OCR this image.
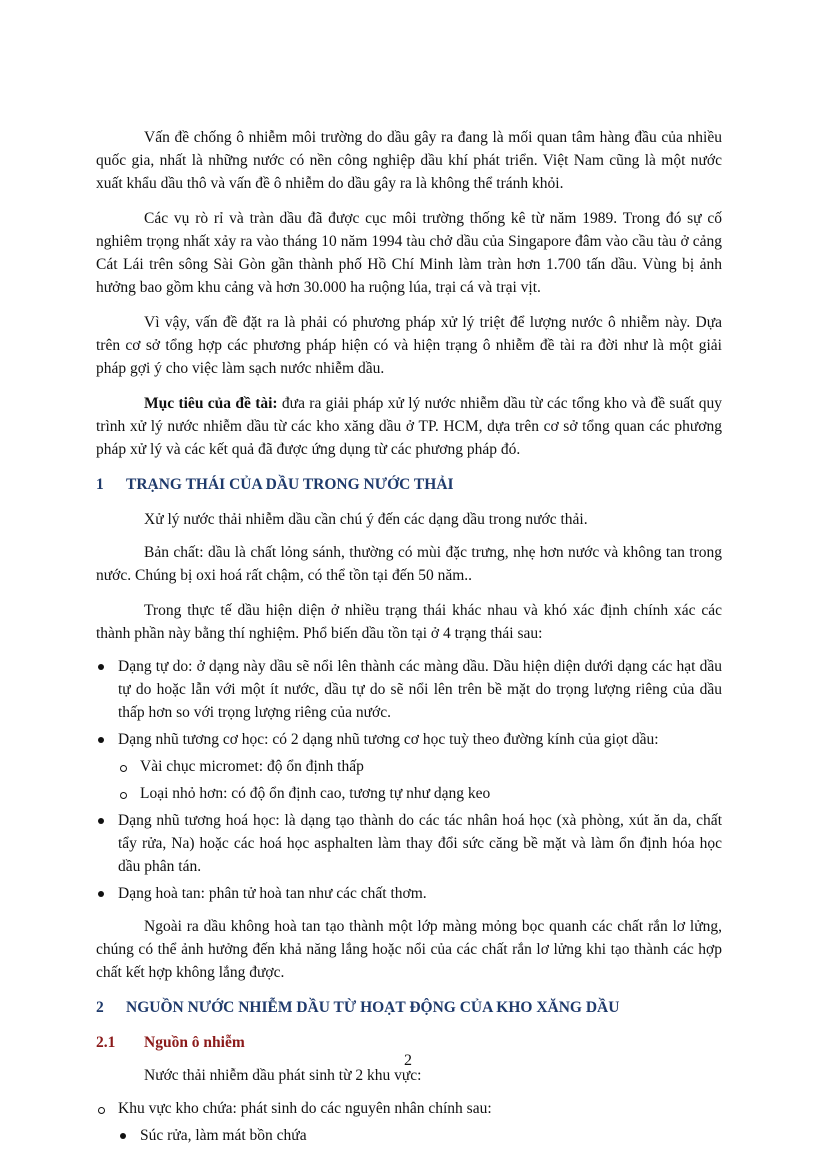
Vấn đề chống ô nhiễm môi trường do dầu gây ra đang là mối quan tâm hàng đầu của nhiều quốc gia, nhất là những nước có nền công nghiệp dầu khí phát triển. Việt Nam cũng là một nước xuất khẩu dầu thô và vấn đề ô nhiễm do dầu gây ra là không thể tránh khỏi.

Các vụ rò rỉ và tràn dầu đã được cục môi trường thống kê từ năm 1989. Trong đó sự cố nghiêm trọng nhất xảy ra vào tháng 10 năm 1994 tàu chở dầu của Singapore đâm vào cầu tàu ở cảng Cát Lái trên sông Sài Gòn gần thành phố Hồ Chí Minh làm tràn hơn 1.700 tấn dầu. Vùng bị ảnh hưởng bao gồm khu cảng và hơn 30.000 ha ruộng lúa, trại cá và trại vịt.

Vì vậy, vấn đề đặt ra là phải có phương pháp xử lý triệt để lượng nước ô nhiễm này. Dựa trên cơ sở tổng hợp các phương pháp hiện có và hiện trạng ô nhiễm đề tài ra đời như là một giải pháp gợi ý cho việc làm sạch nước nhiễm dầu.

Mục tiêu của đề tài: đưa ra giải pháp xử lý nước nhiễm dầu từ các tổng kho và đề suất quy trình xử lý nước nhiễm dầu từ các kho xăng dầu ở TP. HCM, dựa trên cơ sở tổng quan các phương pháp xử lý và các kết quả đã được ứng dụng từ các phương pháp đó.

1	TRẠNG THÁI CỦA DẦU TRONG NƯỚC THẢI

Xử lý nước thải nhiễm dầu cần chú ý đến các dạng dầu trong nước thải.

Bản chất: dầu là chất lỏng sánh, thường có mùi đặc trưng, nhẹ hơn nước và không tan trong nước. Chúng bị oxi hoá rất chậm, có thể tồn tại đến 50 năm..

Trong thực tế dầu hiện diện ở nhiều trạng thái khác nhau và khó xác định chính xác các thành phần này bằng thí nghiệm. Phổ biến dầu tồn tại ở 4 trạng thái sau:

Dạng tự do: ở dạng này dầu sẽ nổi lên thành các màng dầu. Dầu hiện diện dưới dạng các hạt dầu tự do hoặc lẫn với một ít nước, dầu tự do sẽ nổi lên trên bề mặt do trọng lượng riêng của dầu thấp hơn so với trọng lượng riêng của nước.
Dạng nhũ tương cơ học: có 2 dạng nhũ tương cơ học tuỳ theo đường kính của giọt dầu:
Vài chục micromet: độ ổn định thấp
Loại nhỏ hơn: có độ ổn định cao, tương tự như dạng keo
Dạng nhũ tương hoá học: là dạng tạo thành do các tác nhân hoá học (xà phòng, xút ăn da, chất tẩy rửa, Na) hoặc các hoá học asphalten làm thay đổi sức căng bề mặt và làm ổn định hóa học dầu phân tán.
Dạng hoà tan: phân tử hoà tan như các chất thơm.

Ngoài ra dầu không hoà tan tạo thành một lớp màng mỏng bọc quanh các chất rắn lơ lửng, chúng có thể ảnh hưởng đến khả năng lắng hoặc nổi của các chất rắn lơ lửng khi tạo thành các hợp chất kết hợp không lắng được.

2	NGUỒN NƯỚC NHIỄM DẦU TỪ HOẠT ĐỘNG CỦA KHO XĂNG DẦU
2.1	Nguồn ô nhiễm

Nước thải nhiễm dầu phát sinh từ 2 khu vực:

Khu vực kho chứa: phát sinh do các nguyên nhân chính sau:
Súc rửa, làm mát bồn chứa
2
